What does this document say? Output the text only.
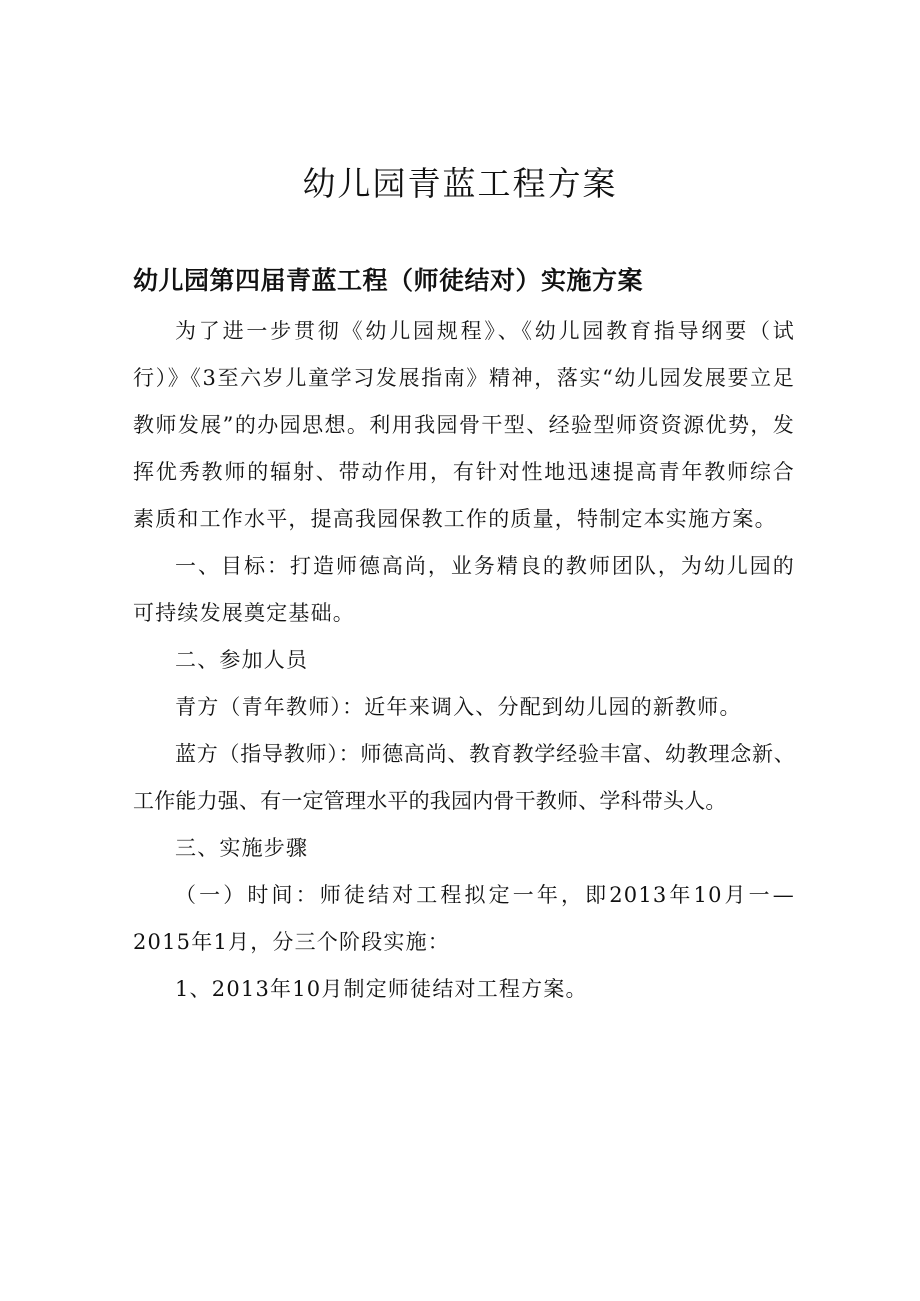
幼儿园青蓝工程方案
幼儿园第四届青蓝工程（师徒结对）实施方案

为了进一步贯彻《幼儿园规程》、《幼儿园教育指导纲要（试行）》《3至六岁儿童学习发展指南》精神，落实“幼儿园发展要立足教师发展”的办园思想。利用我园骨干型、经验型师资资源优势，发挥优秀教师的辐射、带动作用，有针对性地迅速提高青年教师综合素质和工作水平，提高我园保教工作的质量，特制定本实施方案。

一、目标：打造师德高尚，业务精良的教师团队，为幼儿园的可持续发展奠定基础。

二、参加人员

青方（青年教师）：近年来调入、分配到幼儿园的新教师。

蓝方（指导教师）：师德高尚、教育教学经验丰富、幼教理念新、工作能力强、有一定管理水平的我园内骨干教师、学科带头人。

三、实施步骤

（一）时间：师徒结对工程拟定一年，即2013年10月一—2015年1月，分三个阶段实施：

1、2013年10月制定师徒结对工程方案。
